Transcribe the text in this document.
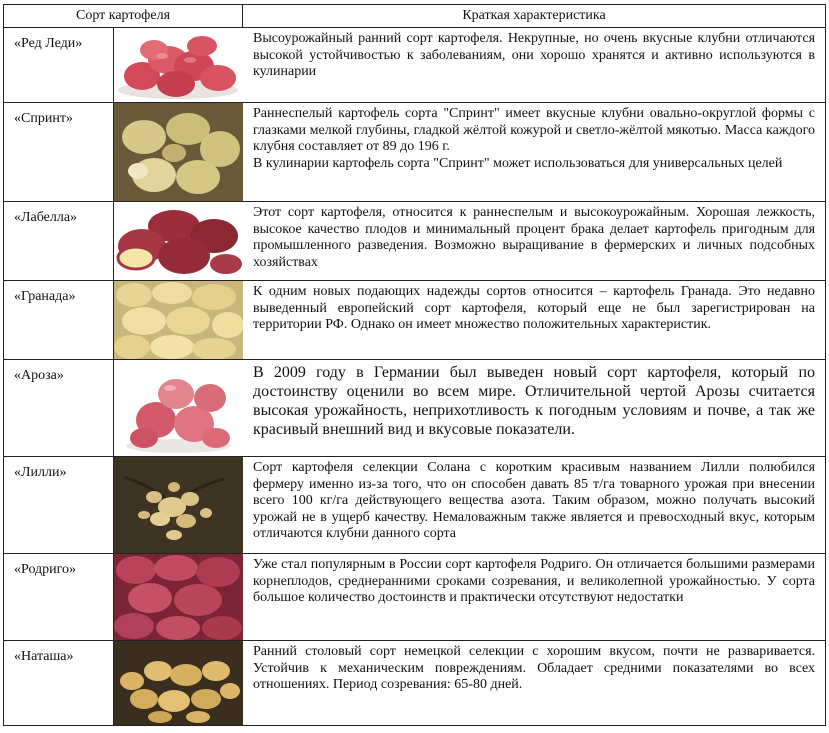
Сорт картофеля		Краткая характеристика
«Ред Леди»		Высоурожайный ранний сорт картофеля. Некрупные, но очень вкусные клубни отличаются высокой устойчивостью к заболеваниям, они хорошо хранятся и активно используются в кулинарии

«Спринт»		Раннеспелый картофель сорта "Спринт" имеет вкусные клубни овально-округлой формы с глазками мелкой глубины, гладкой жёлтой кожурой и светло-жёлтой мякотью. Масса каждого клубня составляет от 89 до 196 г.

В кулинарии картофель сорта "Спринт" может использоваться для универсальных целей

«Лабелла»		Этот сорт картофеля, относится к раннеспелым и высокоурожайным. Хорошая лежкость, высокое качество плодов и минимальный процент брака делает картофель пригодным для промышленного разведения. Возможно выращивание в фермерских и личных подсобных хозяйствах

«Гранада»		К одним новых подающих надежды сортов относится – картофель Гранада. Это недавно выведенный европейский сорт картофеля, который еще не был зарегистрирован на территории РФ. Однако он имеет множество положительных характеристик.

«Ароза»		В 2009 году в Германии был выведен новый сорт картофеля, который по достоинству оценили во всем мире. Отличительной чертой Арозы считается высокая урожайность, неприхотливость к погодным условиям и почве, а так же красивый внешний вид и вкусовые показатели.

«Лилли»		Сорт картофеля селекции Солана с коротким красивым названием Лилли полюбился фермеру именно из-за того, что он способен давать 85 т/га товарного урожая при внесении всего 100 кг/га действующего вещества азота. Таким образом, можно получать высокий урожай не в ущерб качеству. Немаловажным также является и превосходный вкус, которым отличаются клубни данного сорта

«Родриго»		Уже стал популярным в России сорт картофеля Родриго. Он отличается большими размерами корнеплодов, среднеранними сроками созревания, и великолепной урожайностью. У сорта большое количество достоинств и практически отсутствуют недостатки

«Наташа»		Ранний столовый сорт немецкой селекции с хорошим вкусом, почти не разваривается. Устойчив к механическим повреждениям. Обладает средними показателями во всех отношениях. Период созревания: 65-80 дней.
